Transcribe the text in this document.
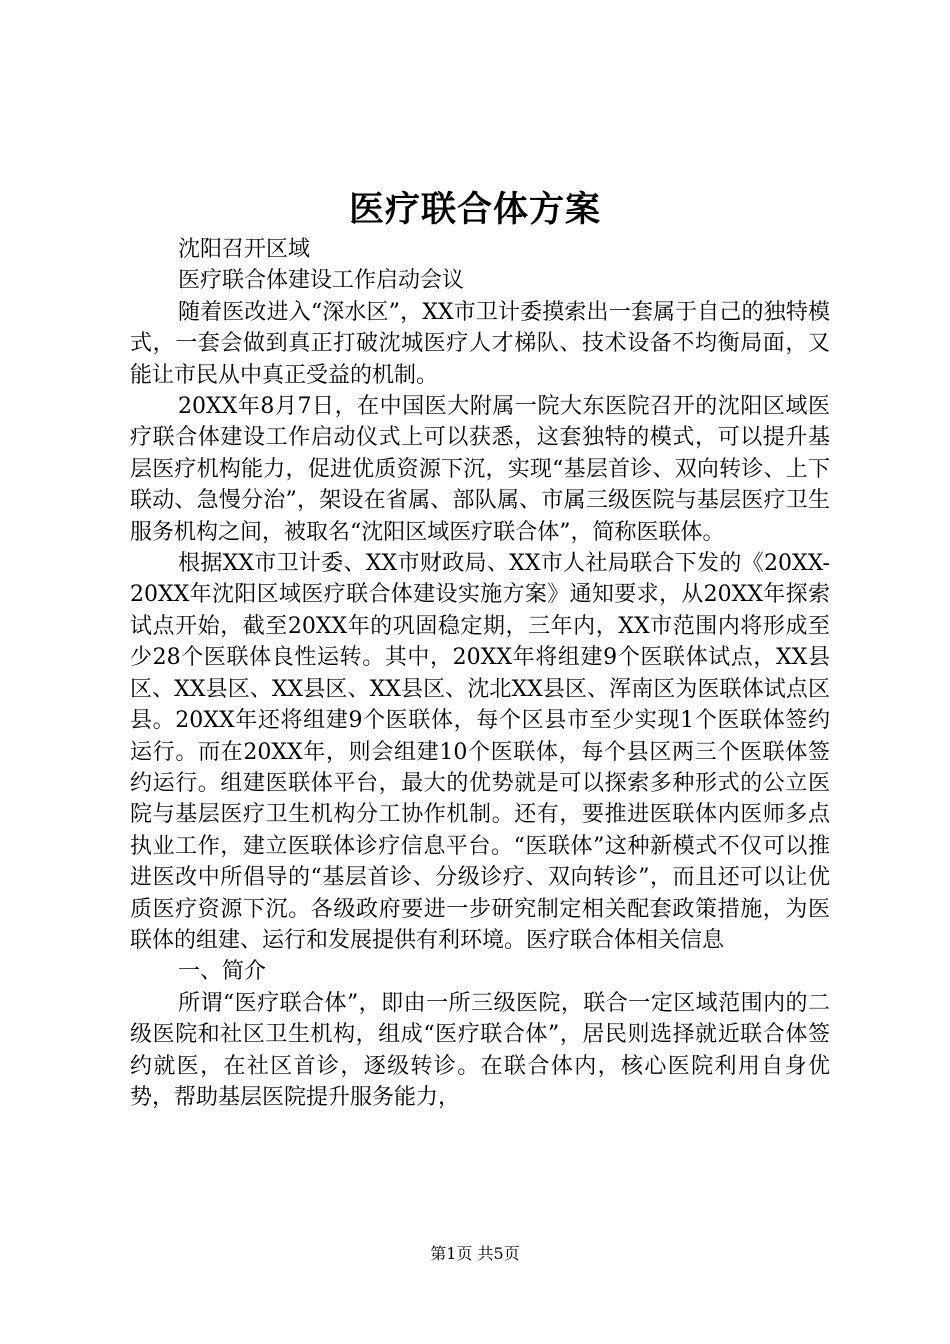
医疗联合体方案

沈阳召开区域

医疗联合体建设工作启动会议

随着医改进入“深水区”，XX市卫计委摸索出一套属于自己的独特模式，一套会做到真正打破沈城医疗人才梯队、技术设备不均衡局面，又能让市民从中真正受益的机制。

20XX年8月7日，在中国医大附属一院大东医院召开的沈阳区域医疗联合体建设工作启动仪式上可以获悉，这套独特的模式，可以提升基层医疗机构能力，促进优质资源下沉，实现“基层首诊、双向转诊、上下联动、急慢分治”，架设在省属、部队属、市属三级医院与基层医疗卫生服务机构之间，被取名“沈阳区域医疗联合体”，简称医联体。

根据XX市卫计委、XX市财政局、XX市人社局联合下发的《20XX-20XX年沈阳区域医疗联合体建设实施方案》通知要求，从20XX年探索试点开始，截至20XX年的巩固稳定期，三年内，XX市范围内将形成至少28个医联体良性运转。其中，20XX年将组建9个医联体试点，XX县区、XX县区、XX县区、XX县区、沈北XX县区、浑南区为医联体试点区县。20XX年还将组建9个医联体，每个区县市至少实现1个医联体签约运行。而在20XX年，则会组建10个医联体，每个县区两三个医联体签约运行。组建医联体平台，最大的优势就是可以探索多种形式的公立医院与基层医疗卫生机构分工协作机制。还有，要推进医联体内医师多点执业工作，建立医联体诊疗信息平台。“医联体”这种新模式不仅可以推进医改中所倡导的“基层首诊、分级诊疗、双向转诊”，而且还可以让优质医疗资源下沉。各级政府要进一步研究制定相关配套政策措施，为医联体的组建、运行和发展提供有利环境。医疗联合体相关信息

一、简介

所谓“医疗联合体”，即由一所三级医院，联合一定区域范围内的二级医院和社区卫生机构，组成“医疗联合体”，居民则选择就近联合体签约就医，在社区首诊，逐级转诊。在联合体内，核心医院利用自身优势，帮助基层医院提升服务能力，

第1页 共5页
